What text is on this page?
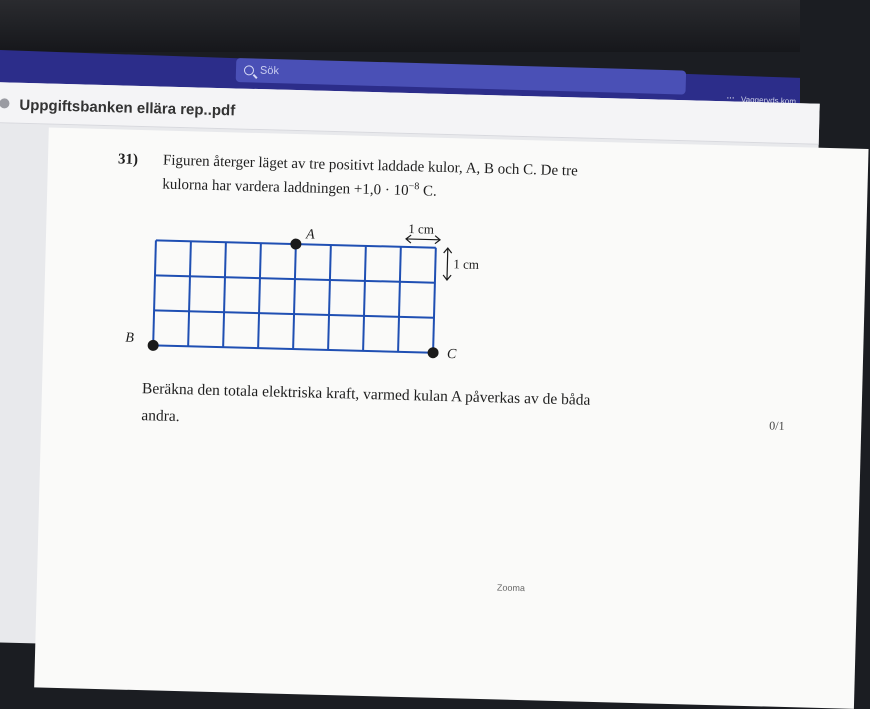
Sök
··· Vaggeryds kom
Uppgiftsbanken ellära rep..pdf
31) Figuren återger läget av tre positivt laddade kulor, A, B och C. De tre
kulorna har vardera laddningen $+1,0 \cdot 10^{-8}$ C.
1 cm
1 cm
A
B
C
Beräkna den totala elektriska kraft, varmed kulan A påverkas av de båda
andra.
0/1
Zooma
